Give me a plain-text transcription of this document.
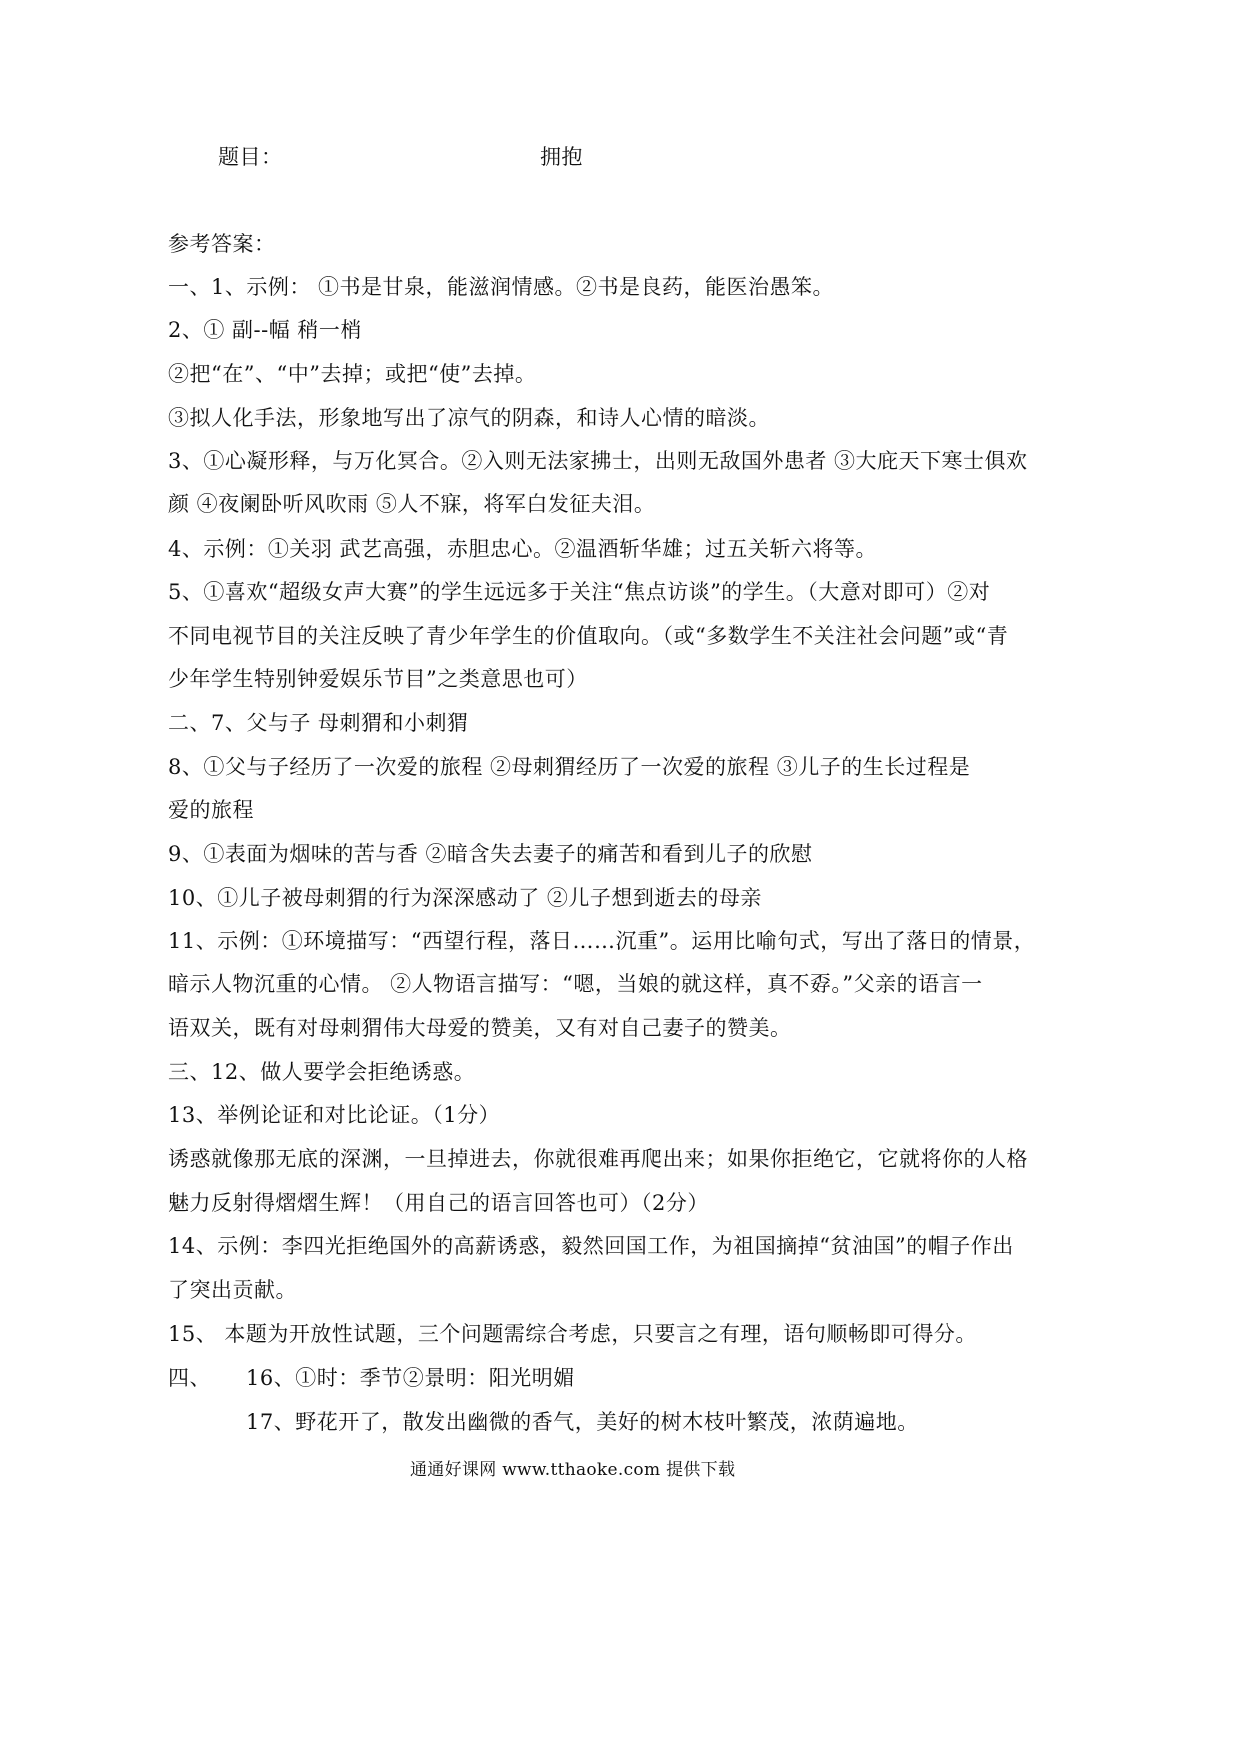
题目：	拥抱
参考答案：
一、1、示例： ①书是甘泉，能滋润情感。②书是良药，能医治愚笨。
2、① 副--幅 稍一梢
②把“在”、“中”去掉；或把“使”去掉。
③拟人化手法，形象地写出了凉气的阴森，和诗人心情的暗淡。
3、①心凝形释，与万化冥合。②入则无法家拂士，出则无敌国外患者 ③大庇天下寒士俱欢
颜 ④夜阑卧听风吹雨 ⑤人不寐，将军白发征夫泪。
4、示例：①关羽 武艺高强，赤胆忠心。②温酒斩华雄；过五关斩六将等。
5、①喜欢“超级女声大赛”的学生远远多于关注“焦点访谈”的学生。（大意对即可）②对
不同电视节目的关注反映了青少年学生的价值取向。（或“多数学生不关注社会问题”或“青
少年学生特别钟爱娱乐节目”之类意思也可）
二、7、父与子 母刺猬和小刺猬
8、①父与子经历了一次爱的旅程 ②母刺猬经历了一次爱的旅程 ③儿子的生长过程是
爱的旅程
9、①表面为烟味的苦与香 ②暗含失去妻子的痛苦和看到儿子的欣慰
10、①儿子被母刺猬的行为深深感动了 ②儿子想到逝去的母亲
11、示例：①环境描写：“西望行程，落日……沉重”。运用比喻句式，写出了落日的情景，
暗示人物沉重的心情。 ②人物语言描写：“嗯，当娘的就这样，真不孬。”父亲的语言一
语双关，既有对母刺猬伟大母爱的赞美，又有对自己妻子的赞美。
三、12、做人要学会拒绝诱惑。
13、举例论证和对比论证。（1分）
诱惑就像那无底的深渊，一旦掉进去，你就很难再爬出来；如果你拒绝它，它就将你的人格
魅力反射得熠熠生辉！（用自己的语言回答也可）（2分）
14、示例：李四光拒绝国外的高薪诱惑，毅然回国工作，为祖国摘掉“贫油国”的帽子作出
了突出贡献。
15、 本题为开放性试题，三个问题需综合考虑，只要言之有理，语句顺畅即可得分。
四、 16、①时：季节②景明：阳光明媚
17、野花开了，散发出幽微的香气，美好的树木枝叶繁茂，浓荫遍地。
通通好课网 www.tthaoke.com 提供下载
